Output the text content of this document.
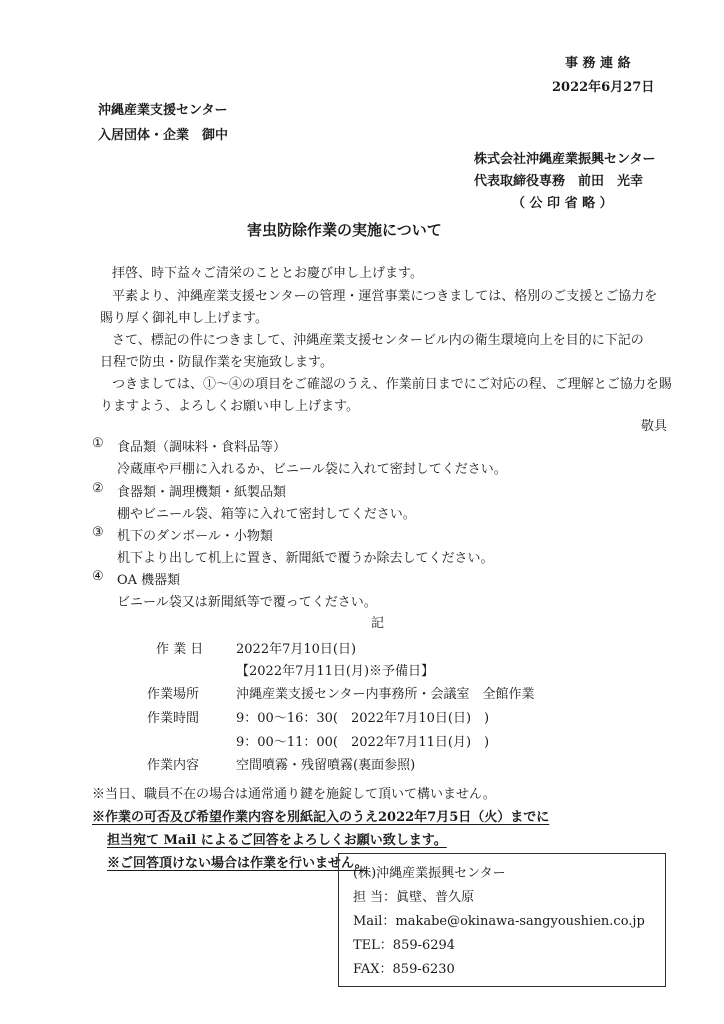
事 務 連 絡
2022年6月27日
沖縄産業支援センター
入居団体・企業　御中
株式会社沖縄産業振興センター
代表取締役専務　前田　光幸
（ 公 印 省 略 ）
害虫防除作業の実施について
拝啓、時下益々ご清栄のこととお慶び申し上げます。
平素より、沖縄産業支援センターの管理・運営事業につきましては、格別のご支援とご協力を
賜り厚く御礼申し上げます。
さて、標記の件につきまして、沖縄産業支援センタービル内の衛生環境向上を目的に下記の
日程で防虫・防鼠作業を実施致します。
つきましては、①～④の項目をご確認のうえ、作業前日までにご対応の程、ご理解とご協力を賜
りますよう、よろしくお願い申し上げます。
敬具
① 食品類（調味料・食料品等）
冷蔵庫や戸棚に入れるか、ビニール袋に入れて密封してください。
② 食器類・調理機類・紙製品類
棚やビニール袋、箱等に入れて密封してください。
③ 机下のダンボール・小物類
机下より出して机上に置き、新聞紙で覆うか除去してください。
④ OA 機器類
ビニール袋又は新聞紙等で覆ってください。
記
作 業 日	2022年7月10日(日)
【2022年7月11日(月)※予備日】
作業場所	沖縄産業支援センター内事務所・会議室　全館作業
作業時間	9：00～16：30(　2022年7月10日(日)　)
9：00～11：00(　2022年7月11日(月)　)
作業内容	空間噴霧・残留噴霧(裏面参照)
※当日、職員不在の場合は通常通り鍵を施錠して頂いて構いません。
※作業の可否及び希望作業内容を別紙記入のうえ2022年7月5日（火）までに
担当宛て Mail によるご回答をよろしくお願い致します。
※ご回答頂けない場合は作業を行いません。
(株)沖縄産業振興センター
担 当：眞壁、普久原
Mail：makabe@okinawa-sangyoushien.co.jp
TEL：859-6294
FAX：859-6230
